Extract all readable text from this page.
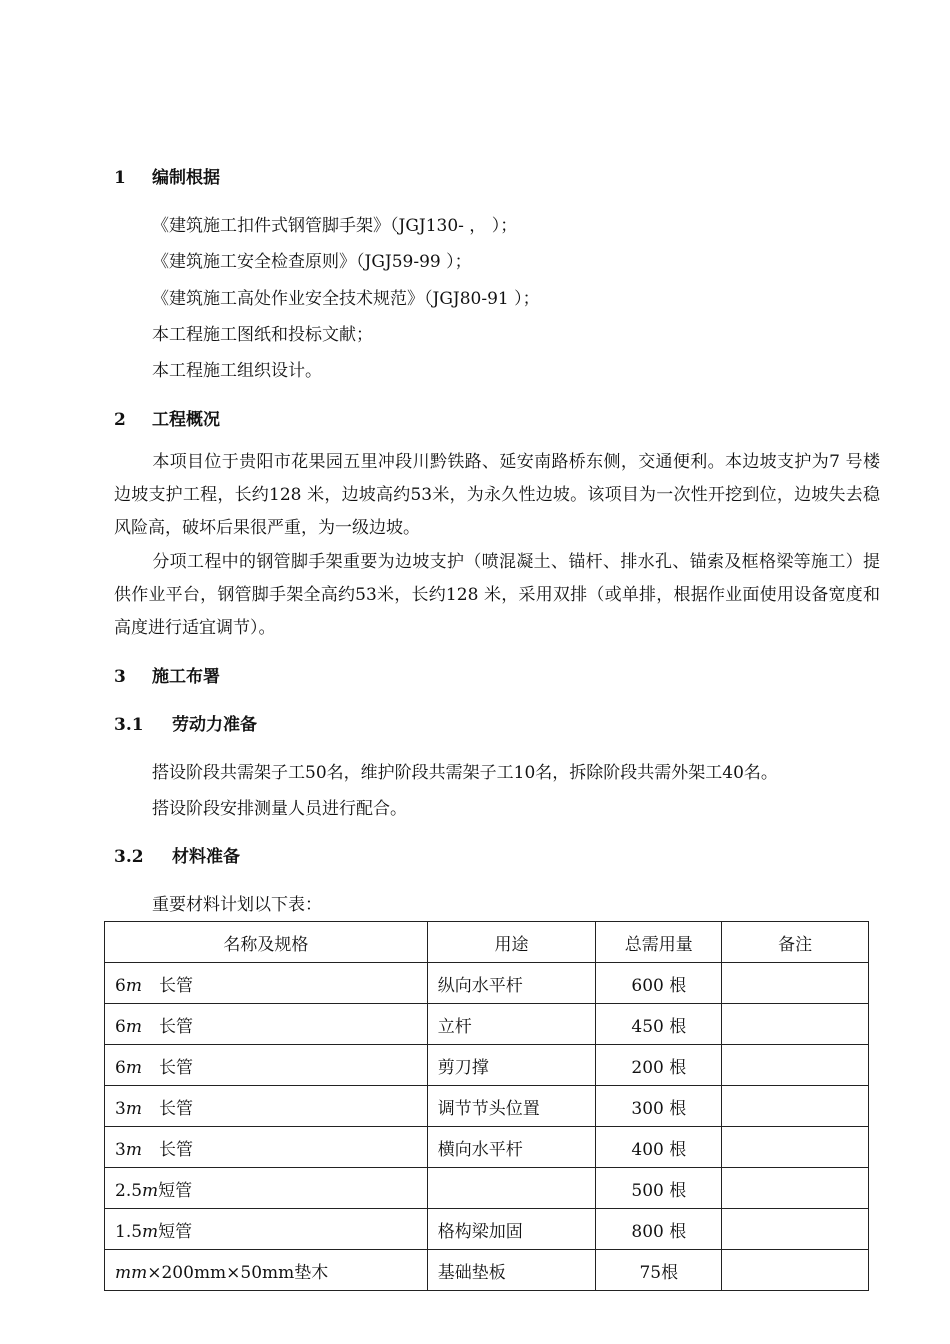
1 编制根据
《建筑施工扣件式钢管脚手架》（JGJ130- ， ）；
《建筑施工安全检查原则》（JGJ59-99 ）；
《建筑施工高处作业安全技术规范》（JGJ80-91 ）；
本工程施工图纸和投标文献；
本工程施工组织设计。
2 工程概况
本项目位于贵阳市花果园五里冲段川黔铁路、延安南路桥东侧，交通便利。本边坡支护为7 号楼边坡支护工程，长约128 米，边坡高约53米，为永久性边坡。该项目为一次性开挖到位，边坡失去稳风险高，破坏后果很严重，为一级边坡。
分项工程中的钢管脚手架重要为边坡支护（喷混凝土、锚杆、排水孔、锚索及框格梁等施工）提供作业平台，钢管脚手架全高约53米，长约128 米，采用双排（或单排，根据作业面使用设备宽度和高度进行适宜调节）。
3 施工布署
3.1 劳动力准备
搭设阶段共需架子工50名，维护阶段共需架子工10名，拆除阶段共需外架工40名。
搭设阶段安排测量人员进行配合。
3.2 材料准备
重要材料计划以下表：
名称及规格	用途	总需用量	备注
6m　长管	纵向水平杆	600 根	
6m　长管	立杆	450 根	
6m　长管	剪刀撑	200 根	
3m　长管	调节节头位置	300 根	
3m　长管	横向水平杆	400 根	
2.5m短管		500 根	
1.5m短管	格构梁加固	800 根	
mm×200mm×50mm垫木	基础垫板	75根	
